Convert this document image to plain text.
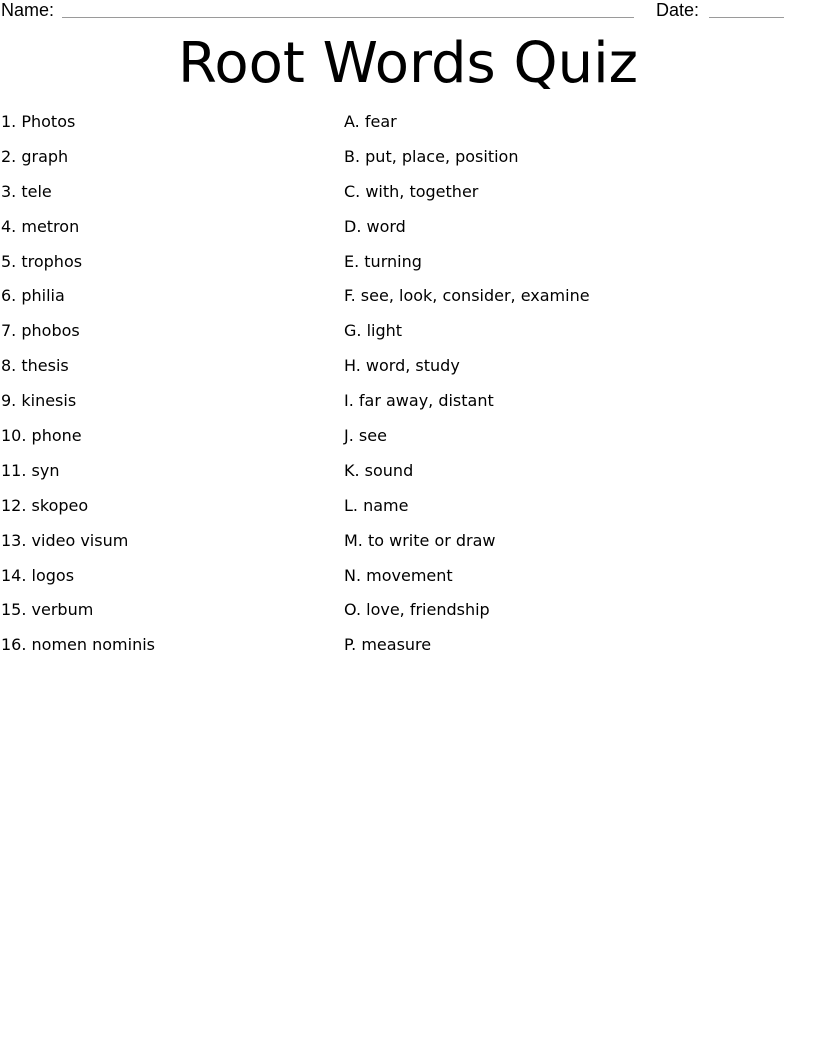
Name:	Date:
Root Words Quiz
1. Photos
2. graph
3. tele
4. metron
5. trophos
6. philia
7. phobos
8. thesis
9. kinesis
10. phone
11. syn
12. skopeo
13. video visum
14. logos
15. verbum
16. nomen nominis
A. fear
B. put, place, position
C. with, together
D. word
E. turning
F. see, look, consider, examine
G. light
H. word, study
I. far away, distant
J. see
K. sound
L. name
M. to write or draw
N. movement
O. love, friendship
P. measure
